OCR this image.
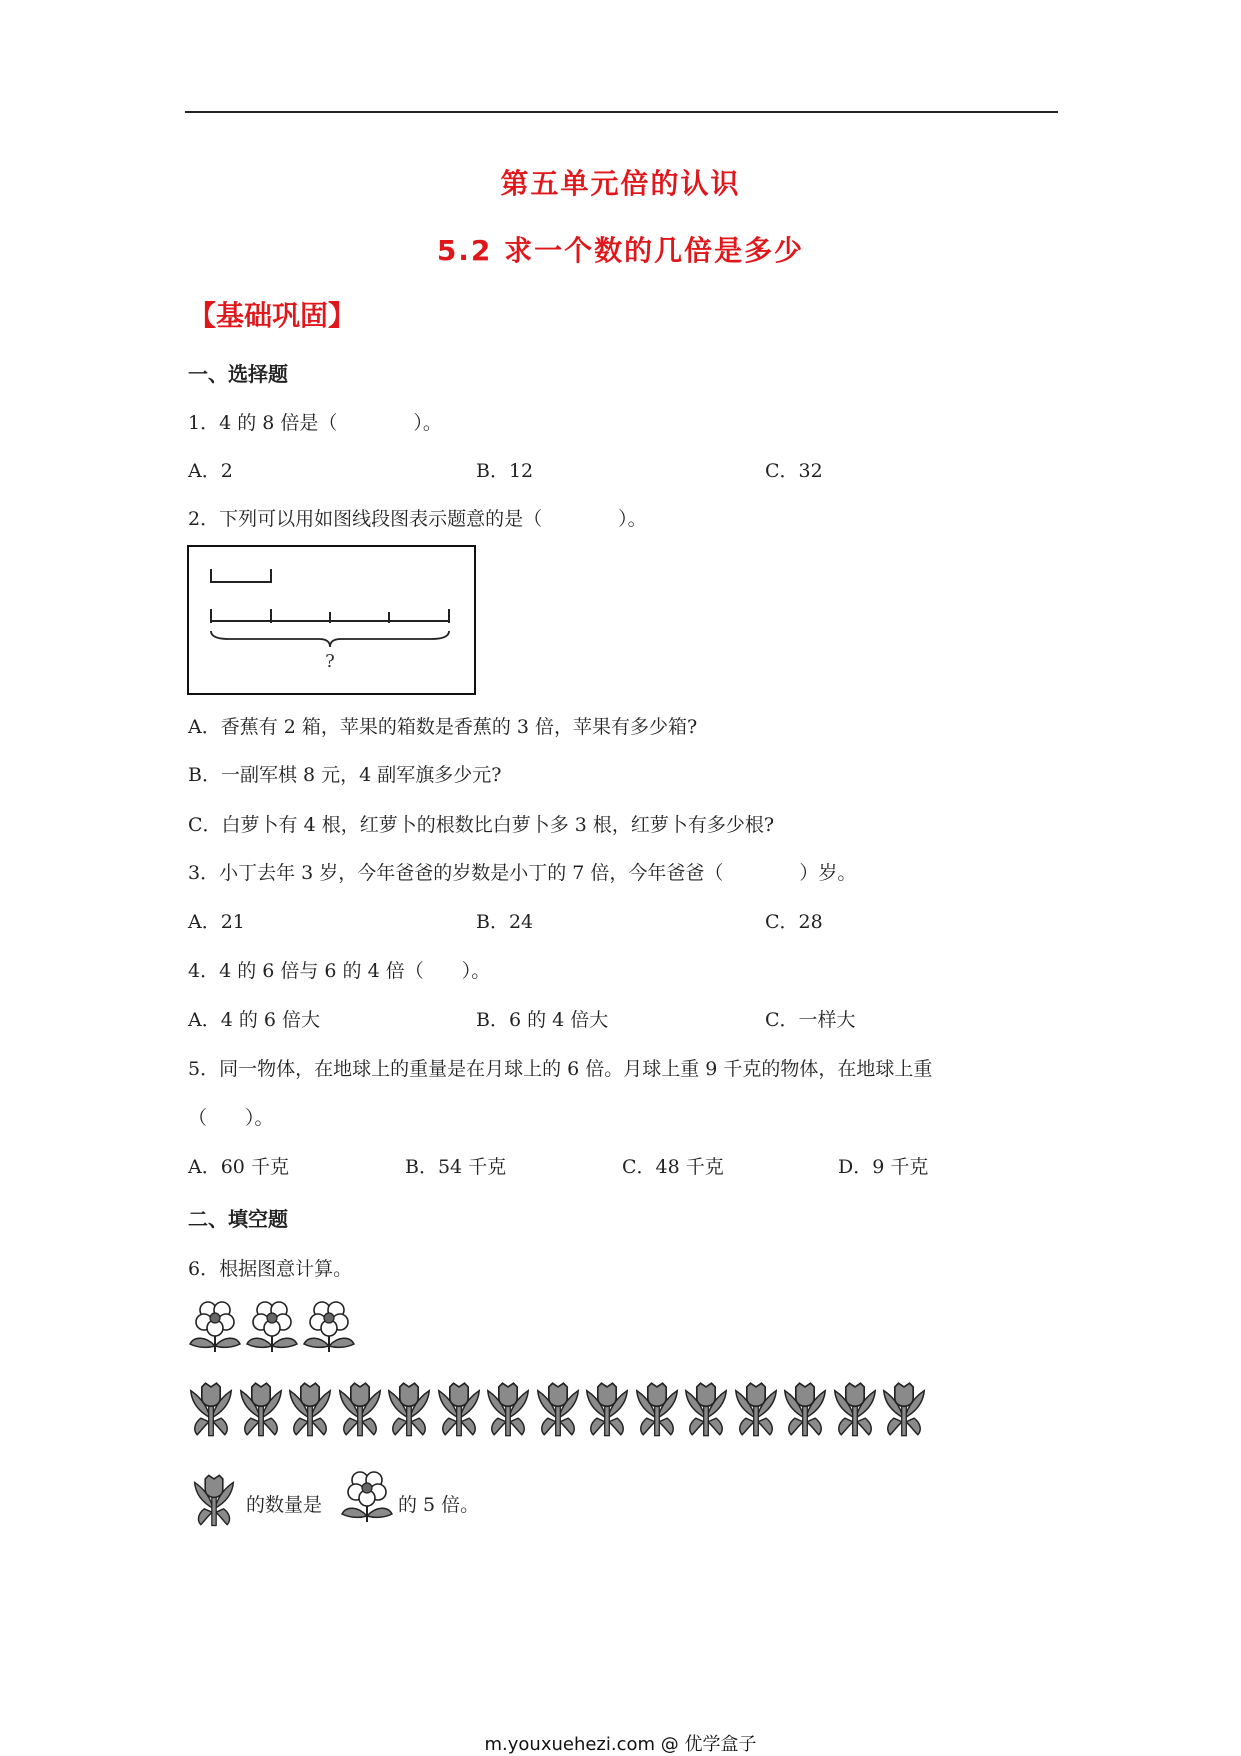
第五单元倍的认识
5.2 求一个数的几倍是多少
【基础巩固】
一、选择题
1．4 的 8 倍是（　　　　）。
A．2	B．12	C．32
2．下列可以用如图线段图表示题意的是（　　　　）。
?
A．香蕉有 2 箱，苹果的箱数是香蕉的 3 倍，苹果有多少箱?
B．一副军棋 8 元，4 副军旗多少元?
C．白萝卜有 4 根，红萝卜的根数比白萝卜多 3 根，红萝卜有多少根?
3．小丁去年 3 岁，今年爸爸的岁数是小丁的 7 倍，今年爸爸（　　　　）岁。
A．21	B．24	C．28
4．4 的 6 倍与 6 的 4 倍（　　）。
A．4 的 6 倍大	B．6 的 4 倍大	C．一样大
5．同一物体，在地球上的重量是在月球上的 6 倍。月球上重 9 千克的物体，在地球上重
（　　）。
A．60 千克	B．54 千克	C．48 千克	D．9 千克
二、填空题
6．根据图意计算。
的数量是	的 5 倍。
m.youxuehezi.com @ 优学盒子
